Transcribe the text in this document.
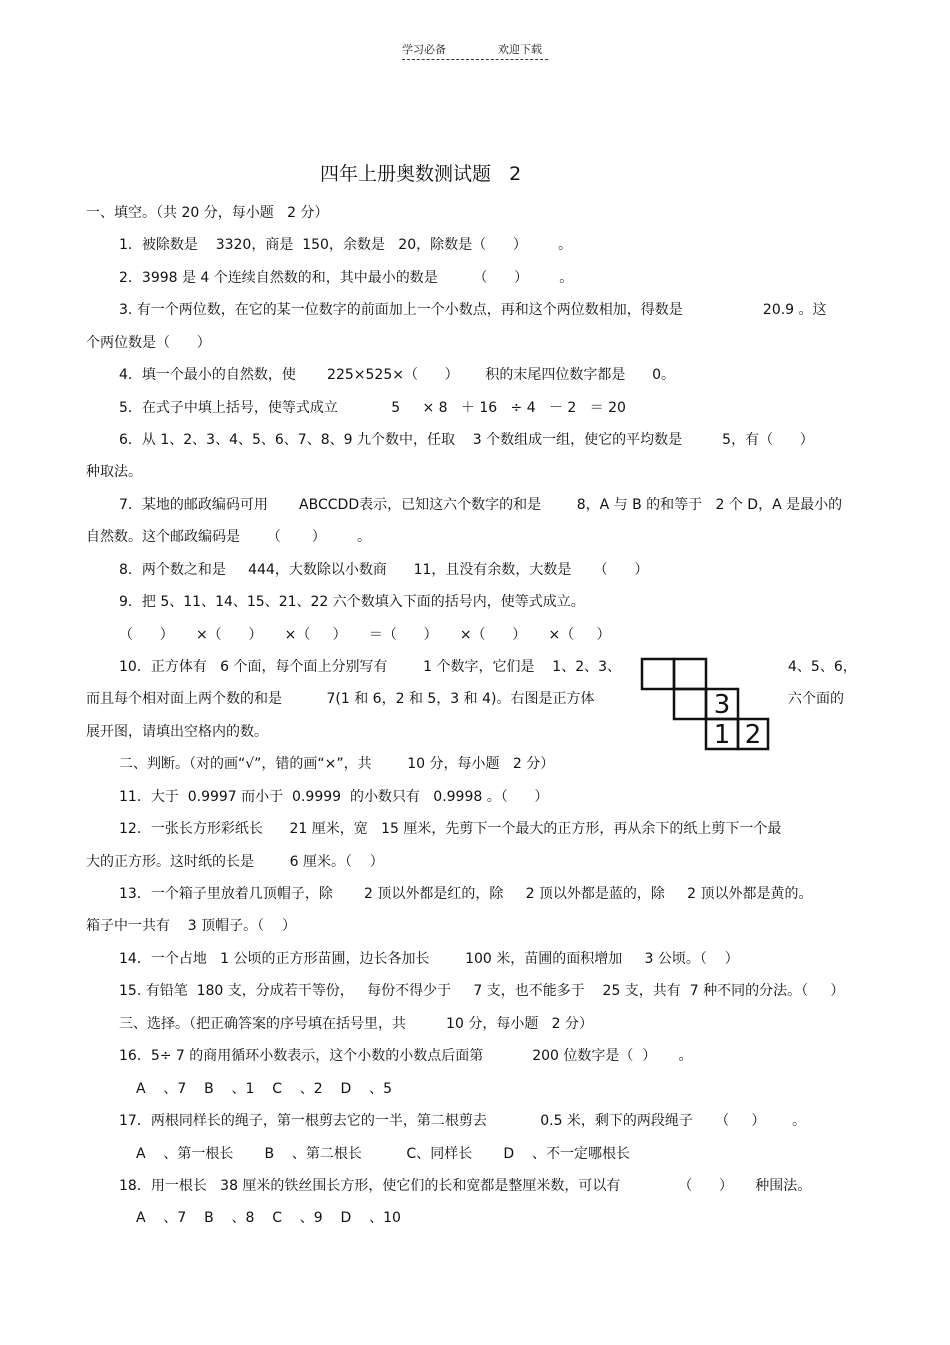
学习必备	欢迎下载
四年上册奥数测试题   2
一、填空。（共 20 分，每小题   2 分）
1．被除数是    3320，商是  150，余数是   20，除数是（      ）       。
2．3998 是 4 个连续自然数的和，其中最小的数是        （      ）       。
3. 有一个两位数，在它的某一位数字的前面加上一个小数点，再和这个两位数相加，得数是                  20.9 。这
个两位数是（      ）
4．填一个最小的自然数，使       225×525×（      ）      积的末尾四位数字都是      0。
5．在式子中填上括号，使等式成立            5     × 8   ＋ 16   ÷ 4   － 2   ＝ 20
6．从 1、2、3、4、5、6、7、8、9 九个数中，任取    3 个数组成一组，使它的平均数是         5，有（      ）
种取法。
7．某地的邮政编码可用       ABCCDD表示，已知这六个数字的和是        8，A 与 B 的和等于   2 个 D，A 是最小的
自然数。这个邮政编码是      （       ）       。
8．两个数之和是     444，大数除以小数商      11，且没有余数，大数是     （      ）
9．把 5、11、14、15、21、22 六个数填入下面的括号内，使等式成立。
（      ）     ×（      ）     ×（     ）     ＝（      ）     ×（      ）     ×（     ）
10．正方体有   6 个面，每个面上分别写有        1 个数字，它们是    1、2、3、
而且每个相对面上两个数的和是          7(1 和 6，2 和 5，3 和 4)。右图是正方体
展开图，请填出空格内的数。
二、判断。（对的画“√”，错的画“×”，共        10 分，每小题   2 分）
11．大于  0.9997 而小于  0.9999  的小数只有   0.9998 。（      ）
12．一张长方形彩纸长      21 厘米，宽   15 厘米，先剪下一个最大的正方形，再从余下的纸上剪下一个最
大的正方形。这时纸的长是        6 厘米。（    ）
13．一个箱子里放着几顶帽子，除       2 顶以外都是红的，除     2 顶以外都是蓝的，除     2 顶以外都是黄的。
箱子中一共有    3 顶帽子。（    ）
14．一个占地   1 公顷的正方形苗圃，边长各加长        100 米，苗圃的面积增加     3 公顷。（    ）
15. 有铅笔  180 支，分成若干等份，   每份不得少于     7 支，也不能多于    25 支，共有  7 种不同的分法。（     ）
三、选择。（把正确答案的序号填在括号里，共         10 分，每小题   2 分）
16．5÷ 7 的商用循环小数表示，这个小数的小数点后面第           200 位数字是（  ）     。
A    、7    B    、1    C    、2    D    、5
17．两根同样长的绳子，第一根剪去它的一半，第二根剪去            0.5 米，剩下的两段绳子     （     ）      。
A    、第一根长       B    、第二根长          C、同样长       D    、不一定哪根长
18．用一根长   38 厘米的铁丝围长方形，使它们的长和宽都是整厘米数，可以有             （      ）     种围法。
A    、7    B    、8    C    、9    D    、10
3
1 2
4、5、6，
六个面的
